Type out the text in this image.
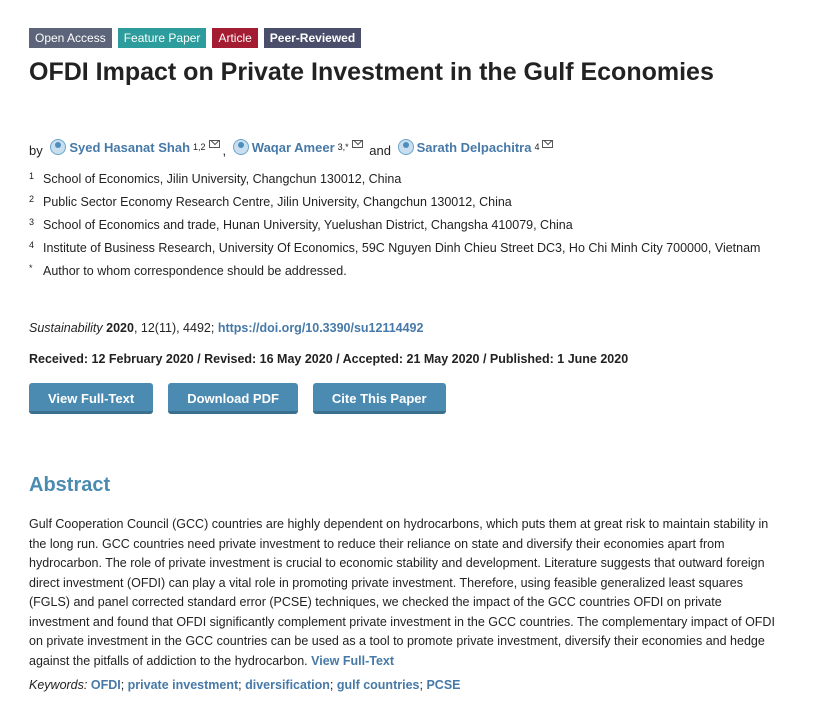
Open Access	Feature Paper	Article	Peer-Reviewed
OFDI Impact on Private Investment in the Gulf Economies
by Syed Hasanat Shah 1,2 , Waqar Ameer 3,* and Sarath Delpachitra 4
1 School of Economics, Jilin University, Changchun 130012, China
2 Public Sector Economy Research Centre, Jilin University, Changchun 130012, China
3 School of Economics and trade, Hunan University, Yuelushan District, Changsha 410079, China
4 Institute of Business Research, University Of Economics, 59C Nguyen Dinh Chieu Street DC3, Ho Chi Minh City 700000, Vietnam
* Author to whom correspondence should be addressed.
Sustainability 2020, 12(11), 4492; https://doi.org/10.3390/su12114492
Received: 12 February 2020 / Revised: 16 May 2020 / Accepted: 21 May 2020 / Published: 1 June 2020
View Full-Text	Download PDF	Cite This Paper
Abstract

Gulf Cooperation Council (GCC) countries are highly dependent on hydrocarbons, which puts them at great risk to maintain stability in the long run. GCC countries need private investment to reduce their reliance on state and diversify their economies apart from hydrocarbon. The role of private investment is crucial to economic stability and development. Literature suggests that outward foreign direct investment (OFDI) can play a vital role in promoting private investment. Therefore, using feasible generalized least squares (FGLS) and panel corrected standard error (PCSE) techniques, we checked the impact of the GCC countries OFDI on private investment and found that OFDI significantly complement private investment in the GCC countries. The complementary impact of OFDI on private investment in the GCC countries can be used as a tool to promote private investment, diversify their economies and hedge against the pitfalls of addiction to the hydrocarbon. View Full-Text

Keywords: OFDI; private investment; diversification; gulf countries; PCSE
